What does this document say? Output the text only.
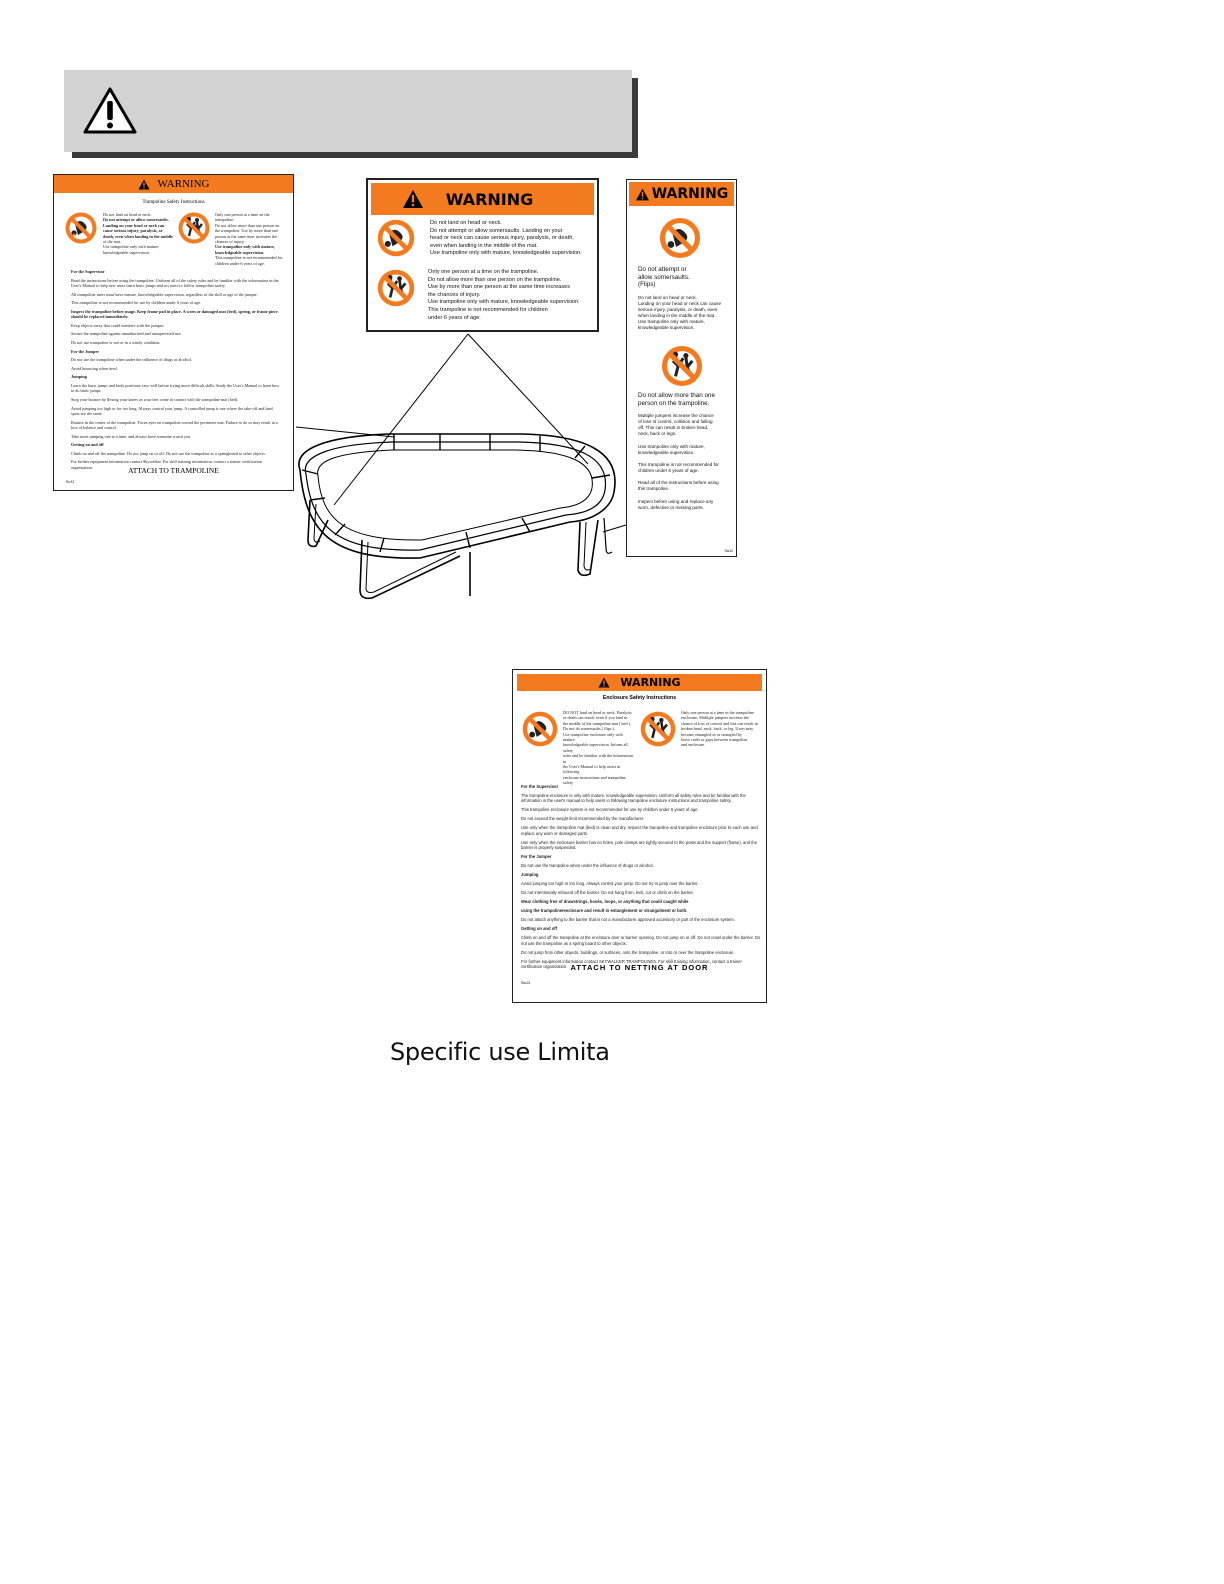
WARNING
Trampoline Safety Instructions
Do not land on head or neck.
Do not attempt or allow somersaults.
Landing on your head or neck can
cause serious injury, paralysis, or
death, even when landing in the middle
of the mat.
Use trampoline only with mature,
knowledgeable supervision.
Only one person at a time on the
trampoline.
Do not allow more than one person on
the trampoline. Use by more than one
person at the same time increases the
chances of injury.
Use trampoline only with mature,
knowledgeable supervision.
This trampoline is not recommended for
children under 6 years of age.
For the Supervisor
Read the instructions before using the trampoline. Uniform all of the safety rules and be familiar with the information in the User's Manual to help new users learn basic jumps and act users to follow trampoline safety.
All trampoline users must have mature, knowledgeable supervision, regardless of the skill or age of the jumper.
This trampoline is not recommended for use by children under 6 years of age.
Inspect the trampoline before usage. Keep frame pad in place. A worn or damaged mat (bed), spring, or frame piece should be replaced immediately.
Keep objects away that could interfere with the jumper.
Secure the trampoline against unauthorized and unsupervised use.
Do not use trampoline is wet or in a windy condition.
For the Jumper
Do not use the trampoline when under the influence of drugs or alcohol.
Avoid bouncing when tired.
Jumping
Learn the basic jumps and body positions very well before trying more difficult skills. Study the User's Manual to learn how to do basic jumps.
Stop your bounce by flexing your knees as your feet come in contact with the trampoline mat (bed).
Avoid jumping too high or for too long. Always control your jump. A controlled jump is one where the take-off and land spots are the same.
Bounce in the center of the trampoline. Focus eyes on trampoline toward the perimeter mat. Failure to do so may result in a loss of balance and control.
Take turns jumping one at a time, and always have someone watch you.
Getting on and off
Climb on and off the trampoline. Do not jump on or off. Do not use the trampoline as a springboard to other objects.
For further equipment information contact Skywalker. For skill training information, contact a trainer certification organization.	ATTACH TO TRAMPOLINE
Sw12
WARNING
Do not land on head or neck.
Do not attempt or allow somersaults. Landing on your
head or neck can cause serious injury, paralysis, or death,
even when landing in the middle of the mat.
Use trampoline only with mature, knowledgeable supervision.
Only one person at a time on the trampoline.
Do not allow more than one person on the trampoline.
Use by more than one person at the same time increases
the chances of injury.
Use trampoline only with mature, knowledgeable supervision.
This trampoline is not recommended for children
under 6 years of age.
WARNING
Do not attempt or
allow somersaults.
(Flips)
Do not land on head or neck.
Landing on your head or neck can cause
serious injury, paralysis, or death, even
when landing in the middle of the mat.
Use trampoline only with mature,
knowledgeable supervision.
Do not allow more than one
person on the trampoline.
Multiple jumpers increase the chance
of loss of control, collision and falling
off. This can result in broken head,
neck, back or legs.

Use trampoline only with mature,
knowledgeable supervision.

This trampoline is not recommended for
children under 6 years of age.

Read all of the instructions before using
this trampoline.

Inspect before using and replace any
worn, defective or missing parts.
Sw12
WARNING
Enclosure Safety Instructions
DO NOT land on head or neck. Paralysis
or death can result, even if you land in
the middle of the trampoline mat ( bed ).
Do not do somersaults ( flips ).
Use trampoline enclosure only with mature
knowledgeable supervision. Inform all safety
rules and be familiar with the information in
the User's Manual to help assist in following
enclosure instructions and trampoline safety.
Only one person at a time in the trampoline
enclosure. Multiple jumpers increase the
chance of loss of control and this can result in
broken head, neck, back, or leg. Users may
become entangled in or strangled by
loose cords or gaps between trampoline
and enclosure.
For the Supervisor
The trampoline enclosure is only with mature, knowledgeable supervision. Uniform all safety rules and be familiar with the information in the user's manual to help users in following trampoline enclosure instructions and trampoline safety.
This trampoline enclosure system is not recommended for use by children under 6 years of age.
Do not exceed the weight limit recommended by the manufacturer.
Use only when the trampoline mat (bed) is clean and dry. Inspect the trampoline and trampoline enclosure prior to each use and replace any worn or damaged parts.
Use only when the enclosure barrier has no holes, pole clamps are tightly secured to the posts and the support (frame), and the barrier is properly suspended.
For the Jumper
Do not use the trampoline when under the influence of drugs or alcohol.
Jumping
Avoid jumping too high or too long. Always control your jump. Do not try to jump over the barrier.
Do not intentionally rebound off the barrier. Do not hang from, kick, cut or climb on the barrier.
Wear clothing free of drawstrings, hooks, loops, or anything that could caught while
using the trampoline/enclosure and result in entanglement or strangulment or both.
Do not attach anything to the barrier that is not a manufacturer approved accessory or part of the enclosure system.
Getting on and off
Climb on and off the trampoline at the enclosure door or barrier opening. Do not jump on or off. Do not crawl under the barrier. Do not use the trampoline as a spring board to other objects.
Do not jump from other objects, buildings, or surfaces, onto the trampoline, or into or over the trampoline enclosure.
For further equipment information contact SKYWALKER TRAMPOLINES. For skill training information, contact a trainer certification organization. ATTACH TO NETTING AT DOOR
Sw13
Specific use Limita
